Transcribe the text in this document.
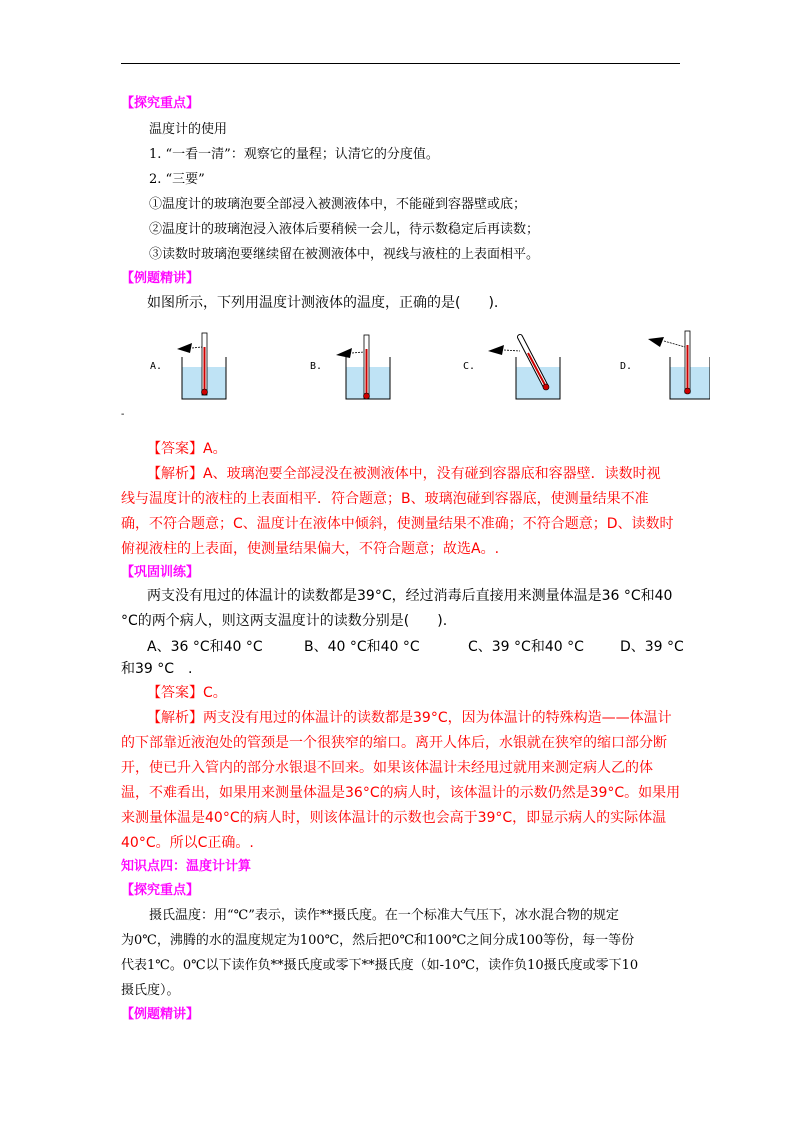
【探究重点】
温度计的使用
1. “一看一清”：观察它的量程；认清它的分度值。
2. “三要”
①温度计的玻璃泡要全部浸入被测液体中，不能碰到容器壁或底；
②温度计的玻璃泡浸入液体后要稍候一会儿，待示数稳定后再读数；
③读数时玻璃泡要继续留在被测液体中，视线与液柱的上表面相平。
【例题精讲】
如图所示，下列用温度计测液体的温度，正确的是(　　).
A.	B.	C.	D.
-
【答案】A。
【解析】A、玻璃泡要全部浸没在被测液体中，没有碰到容器底和容器壁．读数时视
线与温度计的液柱的上表面相平．符合题意；B、玻璃泡碰到容器底，使测量结果不准
确，不符合题意；C、温度计在液体中倾斜，使测量结果不准确；不符合题意；D、读数时
俯视液柱的上表面，使测量结果偏大，不符合题意；故选A。.
【巩固训练】
两支没有甩过的体温计的读数都是39°C，经过消毒后直接用来测量体温是36 °C和40
°C的两个病人，则这两支温度计的读数分别是(　　).
A、36 °C和40 °C	B、40 °C和40 °C	C、39 °C和40 °C	D、39 °C
和39 °C　.
【答案】C。
【解析】两支没有甩过的体温计的读数都是39°C，因为体温计的特殊构造——体温计
的下部靠近液泡处的管颈是一个很狭窄的缩口。离开人体后，水银就在狭窄的缩口部分断
开，使已升入管内的部分水银退不回来。如果该体温计未经甩过就用来测定病人乙的体
温，不难看出，如果用来测量体温是36°C的病人时，该体温计的示数仍然是39°C。如果用
来测量体温是40°C的病人时，则该体温计的示数也会高于39°C，即显示病人的实际体温
40°C。所以C正确。.
知识点四：温度计计算
【探究重点】
摄氏温度：用“℃”表示，读作**摄氏度。在一个标准大气压下，冰水混合物的规定
为0℃，沸腾的水的温度规定为100℃，然后把0℃和100℃之间分成100等份，每一等份
代表1℃。0℃以下读作负**摄氏度或零下**摄氏度（如-10℃，读作负10摄氏度或零下10
摄氏度）。
【例题精讲】
